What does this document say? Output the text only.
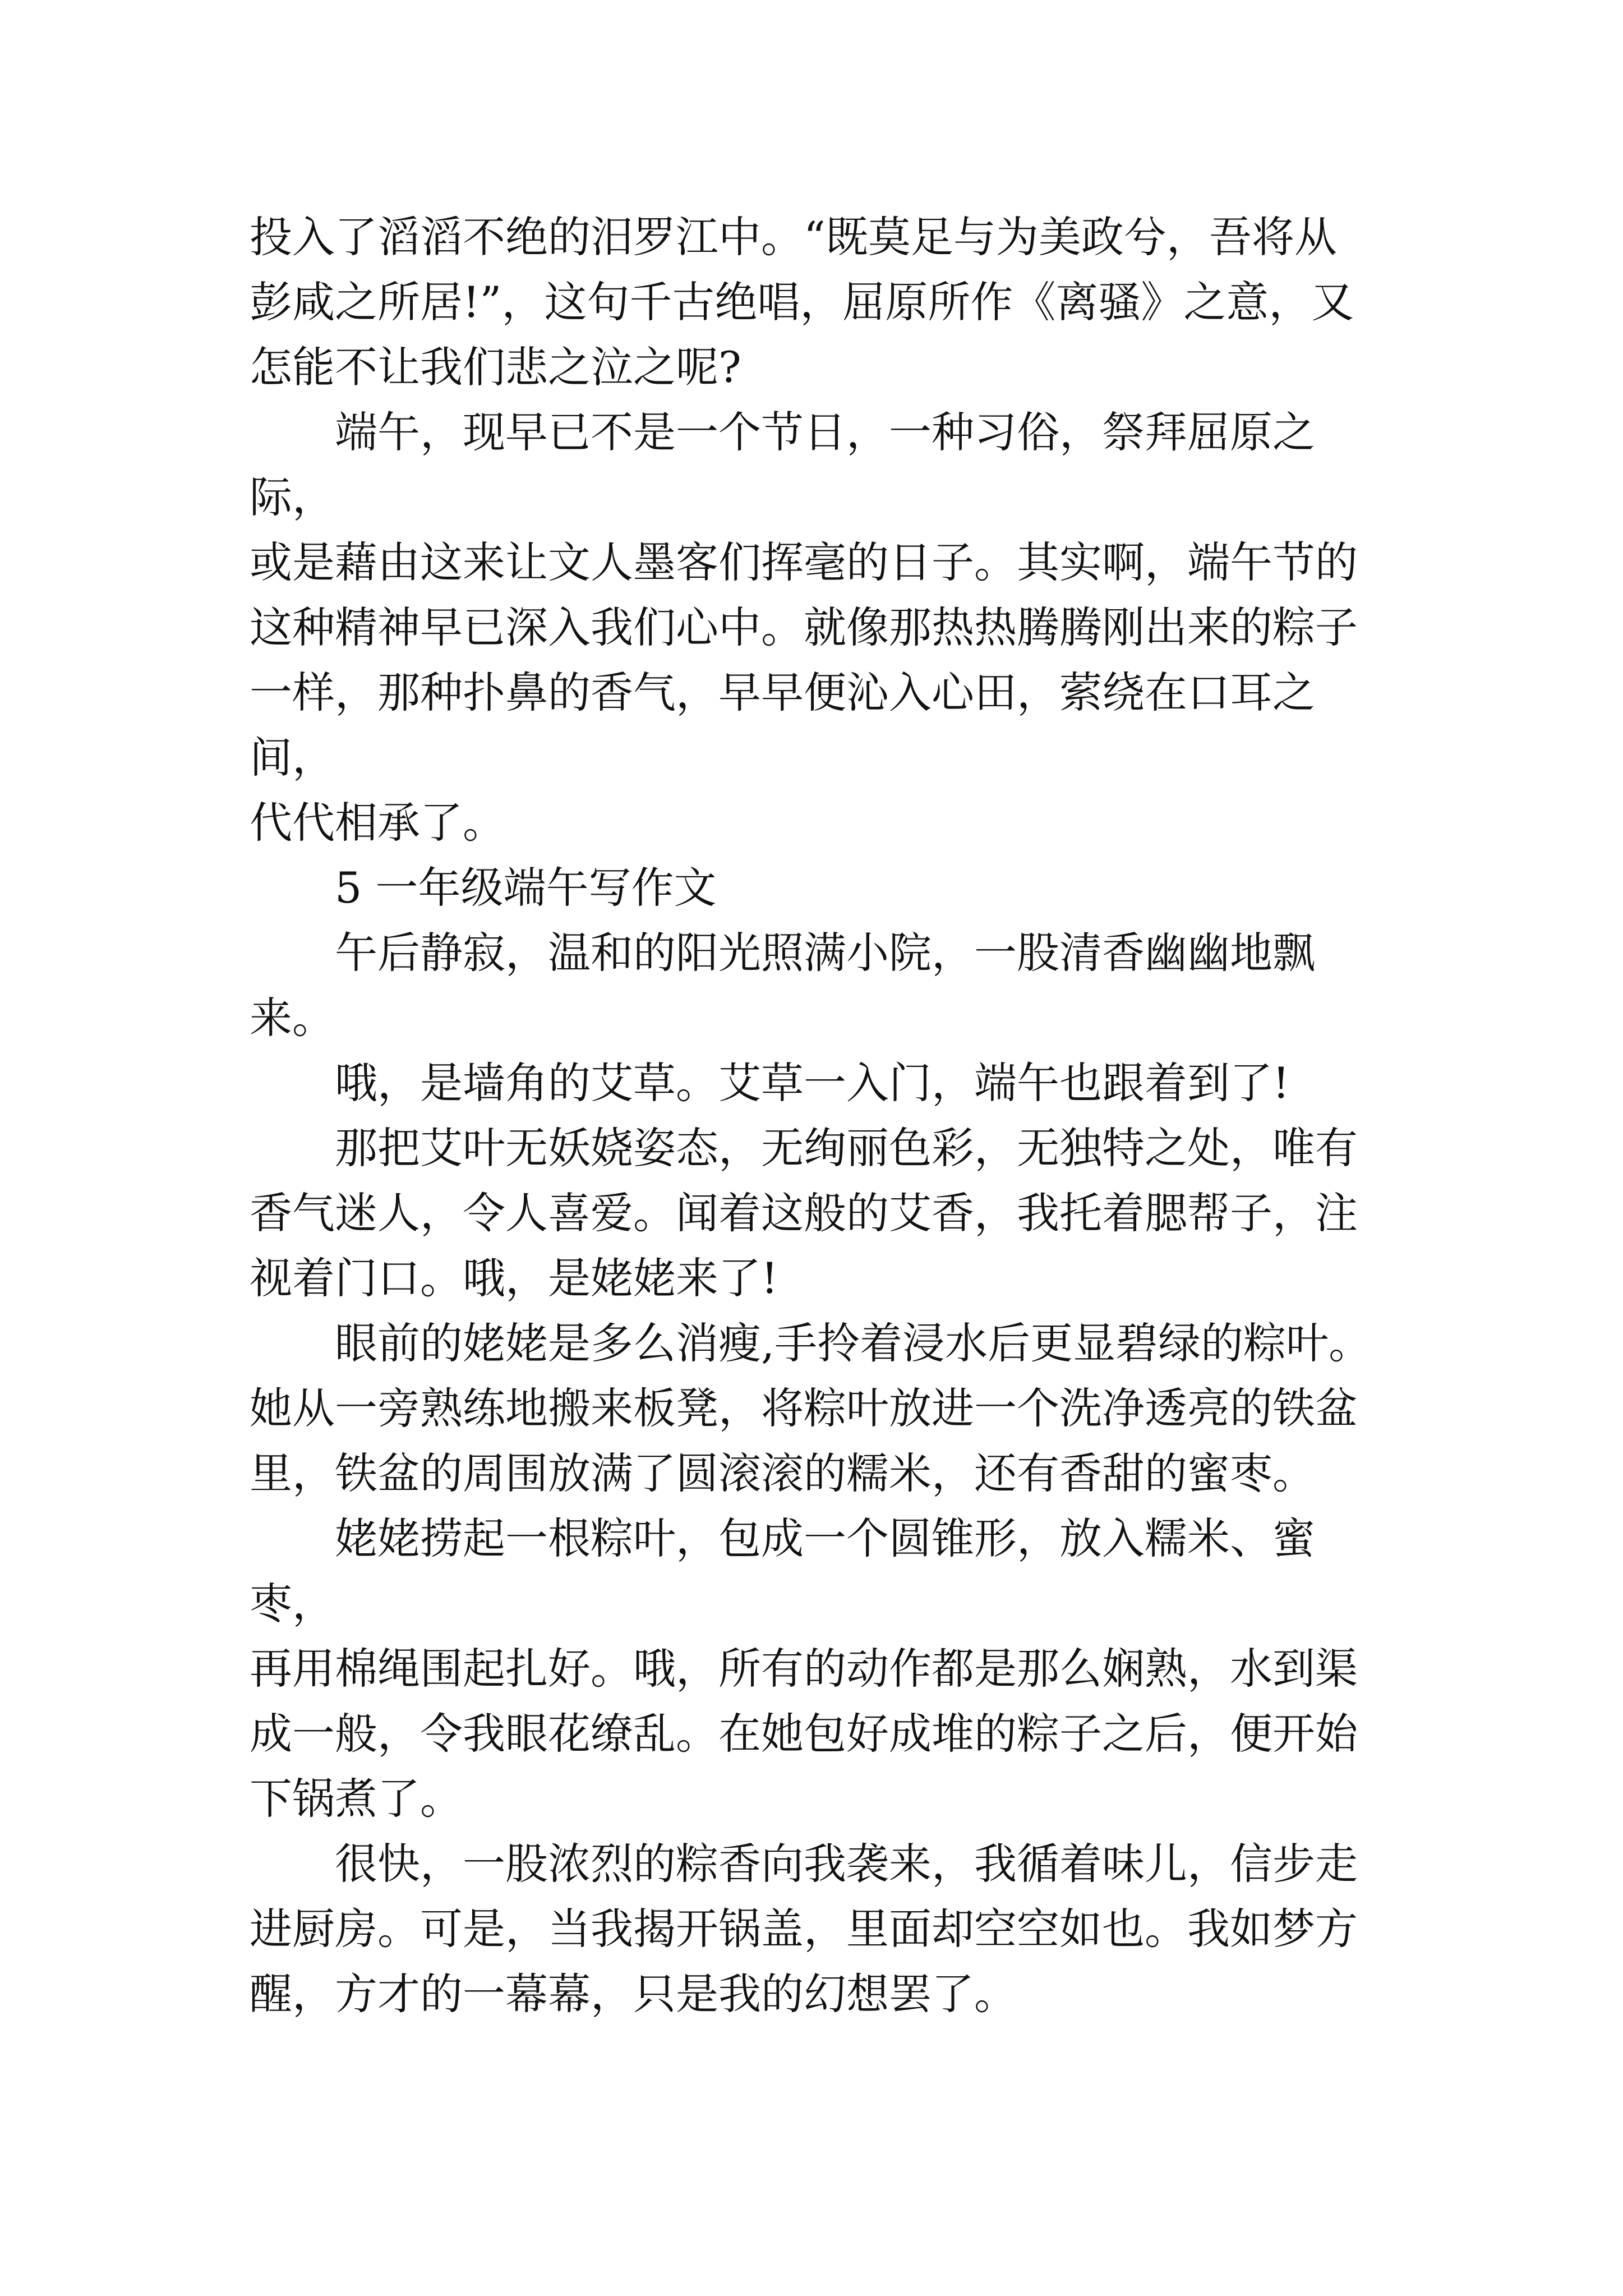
投入了滔滔不绝的汨罗江中。“既莫足与为美政兮，吾将从

彭咸之所居!”，这句千古绝唱，屈原所作《离骚》之意，又

怎能不让我们悲之泣之呢?

　　端午，现早已不是一个节日，一种习俗，祭拜屈原之际，

或是藉由这来让文人墨客们挥毫的日子。其实啊，端午节的

这种精神早已深入我们心中。就像那热热腾腾刚出来的粽子

一样，那种扑鼻的香气，早早便沁入心田，萦绕在口耳之间，

代代相承了。

　　5 一年级端午写作文

　　午后静寂，温和的阳光照满小院，一股清香幽幽地飘来。

　　哦，是墙角的艾草。艾草一入门，端午也跟着到了!

　　那把艾叶无妖娆姿态，无绚丽色彩，无独特之处，唯有

香气迷人，令人喜爱。闻着这般的艾香，我托着腮帮子，注

视着门口。哦，是姥姥来了!

　　眼前的姥姥是多么消瘦,手拎着浸水后更显碧绿的粽叶。

她从一旁熟练地搬来板凳，将粽叶放进一个洗净透亮的铁盆

里，铁盆的周围放满了圆滚滚的糯米，还有香甜的蜜枣。

　　姥姥捞起一根粽叶，包成一个圆锥形，放入糯米、蜜枣，

再用棉绳围起扎好。哦，所有的动作都是那么娴熟，水到渠

成一般，令我眼花缭乱。在她包好成堆的粽子之后，便开始

下锅煮了。

　　很快，一股浓烈的粽香向我袭来，我循着味儿，信步走

进厨房。可是，当我揭开锅盖，里面却空空如也。我如梦方

醒，方才的一幕幕，只是我的幻想罢了。
